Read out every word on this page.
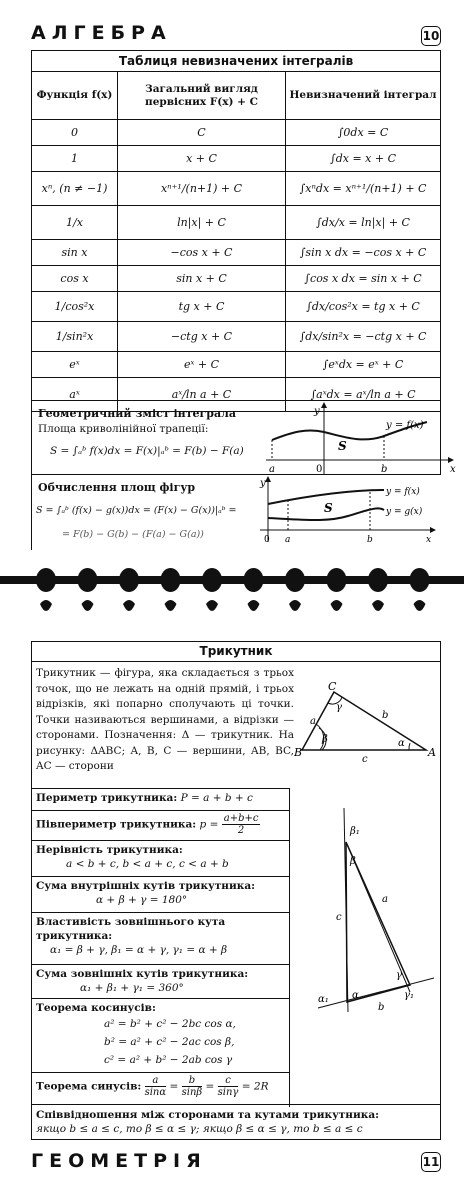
АЛГЕБРА	10
Таблиця невизначених інтегралів		
Функція f(x)	Загальний вигляд первісних F(x) + C	Невизначений інтеграл
0	C	∫0dx = C
1	x + C	∫dx = x + C
xⁿ, (n ≠ −1)	xⁿ⁺¹/(n+1) + C	∫xⁿdx = xⁿ⁺¹/(n+1) + C
1/x	ln|x| + C	∫dx/x = ln|x| + C
sin x	−cos x + C	∫sin x dx = −cos x + C
cos x	sin x + C	∫cos x dx = sin x + C
1/cos²x	tg x + C	∫dx/cos²x = tg x + C
1/sin²x	−ctg x + C	∫dx/sin²x = −ctg x + C
eˣ	eˣ + C	∫eˣdx = eˣ + C
aˣ	aˣ/ln a + C	∫aˣdx = aˣ/ln a + C
Геометричний зміст інтеграла
Площа криволінійної трапеції:
S = ∫ₐᵇ f(x)dx = F(x)|ₐᵇ = F(b) − F(a)
y
y = f(x)
S
a	0	b	x
Обчислення площ фігур
S = ∫ₐᵇ (f(x) − g(x))dx = (F(x) − G(x))|ₐᵇ =
= F(b) − G(b) − (F(a) − G(a))
y
y = f(x)
y = g(x)
S
0 a	b	x
Трикутник
Трикутник — фігура, яка складається з трьох точок, що не лежать на одній прямій, і трьох відрізків, які попарно сполучають ці точки. Точки називаються вершинами, а відрізки — сторонами. Позначення: Δ — трикутник. На рисунку: ΔABC; A, B, C — вершини, AB, BC, AC — сторони
C
B	A
a
b
c
β
γ
α
Периметр трикутника: P = a + b + c
Півпериметр трикутника: $p = \frac{a+b+c}{2}$
Нерівність трикутника:
a < b + c, b < a + c, c < a + b
Сума внутрішніх кутів трикутника:
α + β + γ = 180°
Властивість зовнішнього кута трикутника:
α₁ = β + γ, β₁ = α + γ, γ₁ = α + β
Сума зовнішніх кутів трикутника:
α₁ + β₁ + γ₁ = 360°
Теорема косинусів:
a² = b² + c² − 2bc cos α,
b² = a² + c² − 2ac cos β,
c² = a² + b² − 2ab cos γ
Теорема синусів: $\frac{a}{\sin\alpha} = \frac{b}{\sin\beta} = \frac{c}{\sin\gamma} = 2R$
β₁
β
c
a
γ
γ₁
α₁ α
b
Співвідношення між сторонами та кутами трикутника:
якщо b ≤ a ≤ c, то β ≤ α ≤ γ; якщо β ≤ α ≤ γ, то b ≤ a ≤ c
ГЕОМЕТРІЯ	11
